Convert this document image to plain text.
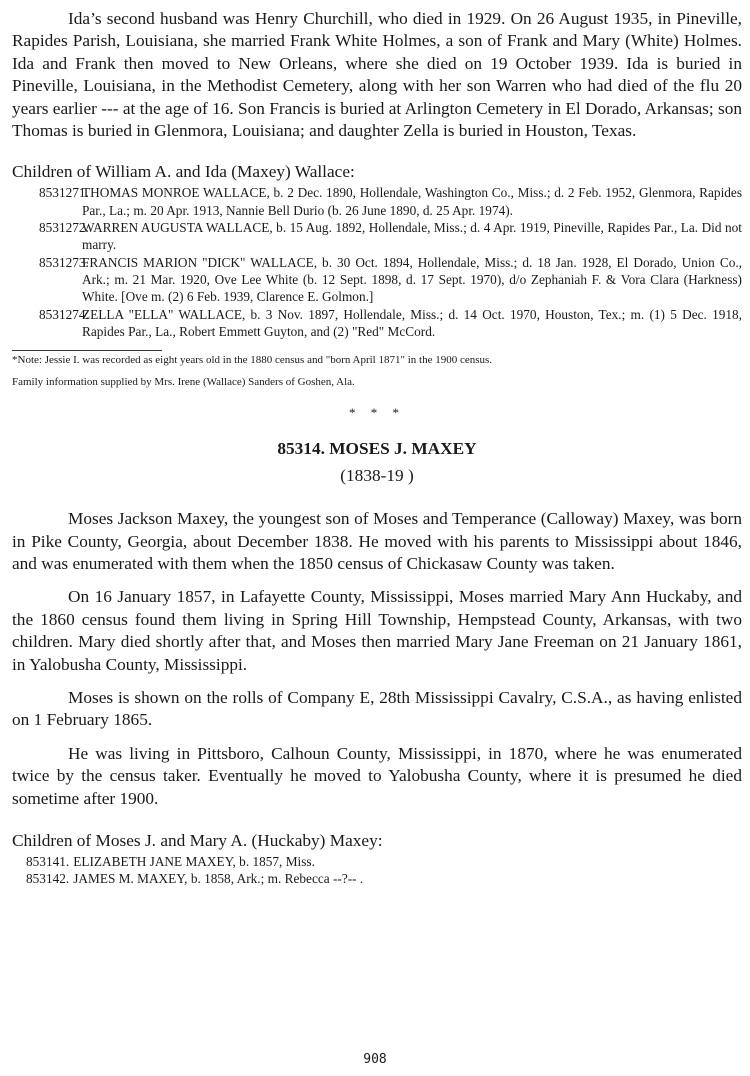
Ida’s second husband was Henry Churchill, who died in 1929. On 26 August 1935, in Pineville, Rapides Parish, Louisiana, she married Frank White Holmes, a son of Frank and Mary (White) Holmes. Ida and Frank then moved to New Orleans, where she died on 19 October 1939. Ida is buried in Pineville, Louisiana, in the Methodist Cemetery, along with her son Warren who had died of the flu 20 years earlier --- at the age of 16. Son Francis is buried at Arlington Cemetery in El Dorado, Arkansas; son Thomas is buried in Glenmora, Louisiana; and daughter Zella is buried in Houston, Texas.

Children of William A. and Ida (Maxey) Wallace:

8531271.
THOMAS MONROE WALLACE, b. 2 Dec. 1890, Hollendale, Washington Co., Miss.; d. 2 Feb. 1952, Glenmora, Rapides Par., La.; m. 20 Apr. 1913, Nannie Bell Durio (b. 26 June 1890, d. 25 Apr. 1974).
8531272.
WARREN AUGUSTA WALLACE, b. 15 Aug. 1892, Hollendale, Miss.; d. 4 Apr. 1919, Pineville, Rapides Par., La. Did not marry.
8531273.
FRANCIS MARION "DICK" WALLACE, b. 30 Oct. 1894, Hollendale, Miss.; d. 18 Jan. 1928, El Dorado, Union Co., Ark.; m. 21 Mar. 1920, Ove Lee White (b. 12 Sept. 1898, d. 17 Sept. 1970), d/o Zephaniah F. & Vora Clara (Harkness) White. [Ove m. (2) 6 Feb. 1939, Clarence E. Golmon.]
8531274.
ZELLA "ELLA" WALLACE, b. 3 Nov. 1897, Hollendale, Miss.; d. 14 Oct. 1970, Houston, Tex.; m. (1) 5 Dec. 1918, Rapides Par., La., Robert Emmett Guyton, and (2) "Red" McCord.

*Note: Jessie I. was recorded as eight years old in the 1880 census and "born April 1871" in the 1900 census.

Family information supplied by Mrs. Irene (Wallace) Sanders of Goshen, Ala.

* * *

85314. MOSES J. MAXEY

(1838-19 )

Moses Jackson Maxey, the youngest son of Moses and Temperance (Calloway) Maxey, was born in Pike County, Georgia, about December 1838. He moved with his parents to Mississippi about 1846, and was enumerated with them when the 1850 census of Chickasaw County was taken.

On 16 January 1857, in Lafayette County, Mississippi, Moses married Mary Ann Huckaby, and the 1860 census found them living in Spring Hill Township, Hempstead County, Arkansas, with two children. Mary died shortly after that, and Moses then married Mary Jane Freeman on 21 January 1861, in Yalobusha County, Mississippi.

Moses is shown on the rolls of Company E, 28th Mississippi Cavalry, C.S.A., as having enlisted on 1 February 1865.

He was living in Pittsboro, Calhoun County, Mississippi, in 1870, where he was enumerated twice by the census taker. Eventually he moved to Yalobusha County, where it is presumed he died sometime after 1900.

Children of Moses J. and Mary A. (Huckaby) Maxey:

853141. ELIZABETH JANE MAXEY, b. 1857, Miss.
853142. JAMES M. MAXEY, b. 1858, Ark.; m. Rebecca --?-- .
908
